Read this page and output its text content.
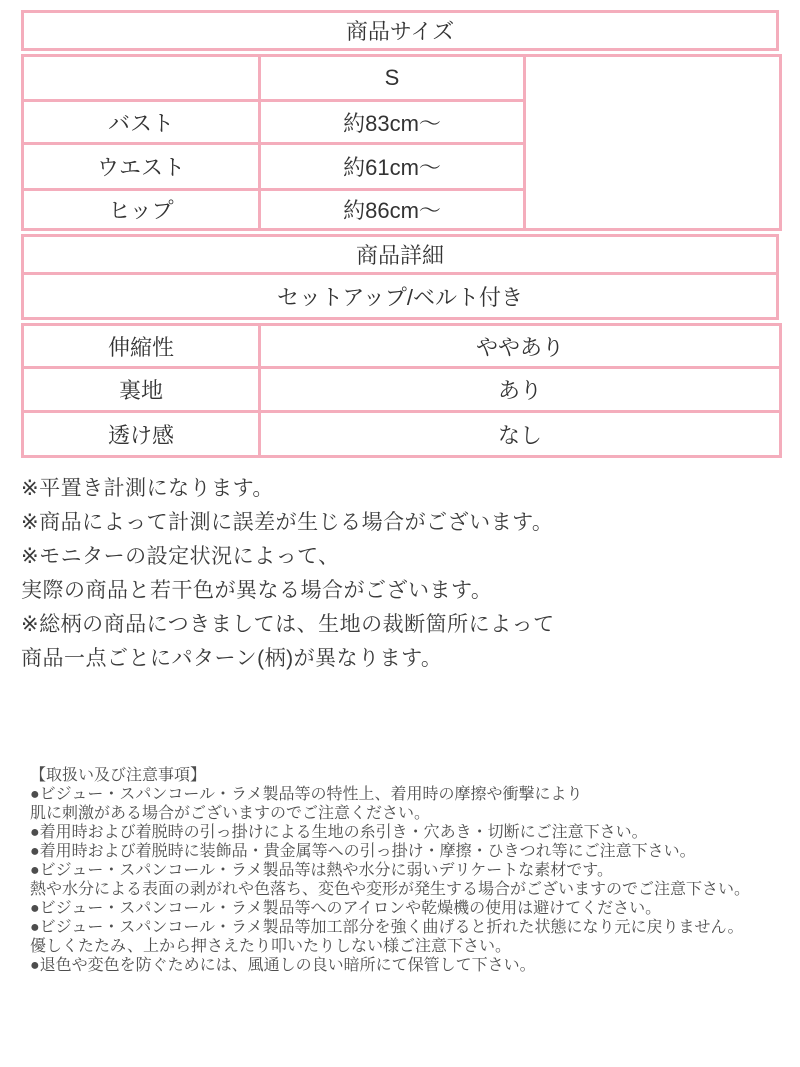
商品サイズ
	S	
バスト	約83cm～	
ウエスト	約61cm～	
ヒップ	約86cm～	
商品詳細
セットアップ/ベルト付き
伸縮性	ややあり
裏地	あり
透け感	なし
※平置き計測になります。
※商品によって計測に誤差が生じる場合がございます。
※モニターの設定状況によって、
実際の商品と若干色が異なる場合がございます。
※総柄の商品につきましては、生地の裁断箇所によって
商品一点ごとにパターン(柄)が異なります。
【取扱い及び注意事項】
●ビジュー・スパンコール・ラメ製品等の特性上、着用時の摩擦や衝撃により
肌に刺激がある場合がございますのでご注意ください。
●着用時および着脱時の引っ掛けによる生地の糸引き・穴あき・切断にご注意下さい。
●着用時および着脱時に装飾品・貴金属等への引っ掛け・摩擦・ひきつれ等にご注意下さい。
●ビジュー・スパンコール・ラメ製品等は熱や水分に弱いデリケートな素材です。
熱や水分による表面の剥がれや色落ち、変色や変形が発生する場合がございますのでご注意下さい。
●ビジュー・スパンコール・ラメ製品等へのアイロンや乾燥機の使用は避けてください。
●ビジュー・スパンコール・ラメ製品等加工部分を強く曲げると折れた状態になり元に戻りません。
優しくたたみ、上から押さえたり叩いたりしない様ご注意下さい。
●退色や変色を防ぐためには、風通しの良い暗所にて保管して下さい。
